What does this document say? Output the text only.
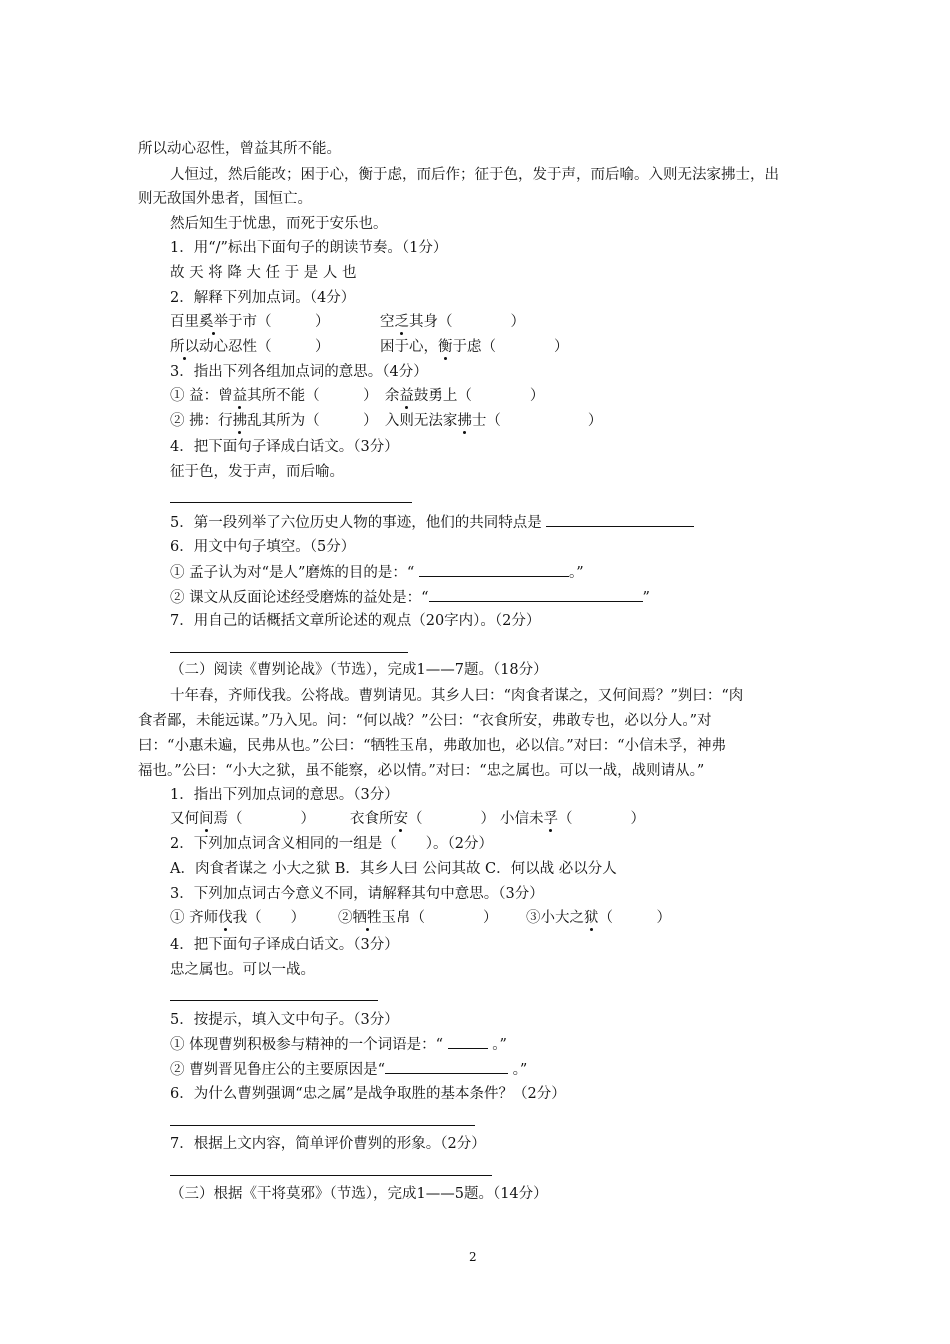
所以动心忍性，曾益其所不能。
人恒过，然后能改；困于心，衡于虑，而后作；征于色，发于声，而后喻。入则无法家拂士，出
则无敌国外患者，国恒亡。
然后知生于忧患，而死于安乐也。
1．用“/”标出下面句子的朗读节奏。（1分）
故 天 将 降 大 任 于 是 人 也
2．解释下列加点词。（4分）
百里奚举于市（　　　）	空乏其身（　　　　）
所以动心忍性（　　　）	困于心，衡于虑（　　　　）
3．指出下列各组加点词的意思。（4分）
① 益：曾益其所不能（　　　）　余益鼓勇上（　　　　）
② 拂：行拂乱其所为（　　　）　入则无法家拂士（　　　　　　）
4．把下面句子译成白话文。（3分）
征于色，发于声，而后喻。
5．第一段列举了六位历史人物的事迹，他们的共同特点是
6．用文中句子填空。（5分）
① 孟子认为对“是人”磨炼的目的是：“	。”
② 课文从反面论述经受磨炼的益处是：“	”
7．用自己的话概括文章所论述的观点（20字内）。（2分）
（二）阅读《曹刿论战》（节选），完成1——7题。（18分）
十年春，齐师伐我。公将战。曹刿请见。其乡人曰：“肉食者谋之，又何间焉？”刿曰：“肉
食者鄙，未能远谋。”乃入见。问：“何以战？”公曰：“衣食所安，弗敢专也，必以分人。”对
曰：“小惠未遍，民弗从也。”公曰：“牺牲玉帛，弗敢加也，必以信。”对曰：“小信未孚，神弗
福也。”公曰：“小大之狱，虽不能察，必以情。”对曰：“忠之属也。可以一战，战则请从。”
1．指出下列加点词的意思。（3分）
又何间焉（　　　　） 衣食所安（　　　　） 小信未孚（　　　　）
2．下列加点词含义相同的一组是（　　）。（2分）
A．肉食者谋之 小大之狱 B．其乡人曰 公问其故 C．何以战 必以分人
3．下列加点词古今意义不同，请解释其句中意思。（3分）
① 齐师伐我（　　） ②牺牲玉帛（　　　　） ③小大之狱（　　　）
4．把下面句子译成白话文。（3分）
忠之属也。可以一战。
5．按提示，填入文中句子。（3分）
① 体现曹刿积极参与精神的一个词语是：“	。”
② 曹刿晋见鲁庄公的主要原因是“	。”
6．为什么曹刿强调“忠之属”是战争取胜的基本条件？（2分）
7．根据上文内容，简单评价曹刿的形象。（2分）
（三）根据《干将莫邪》（节选），完成1——5题。（14分）
2
